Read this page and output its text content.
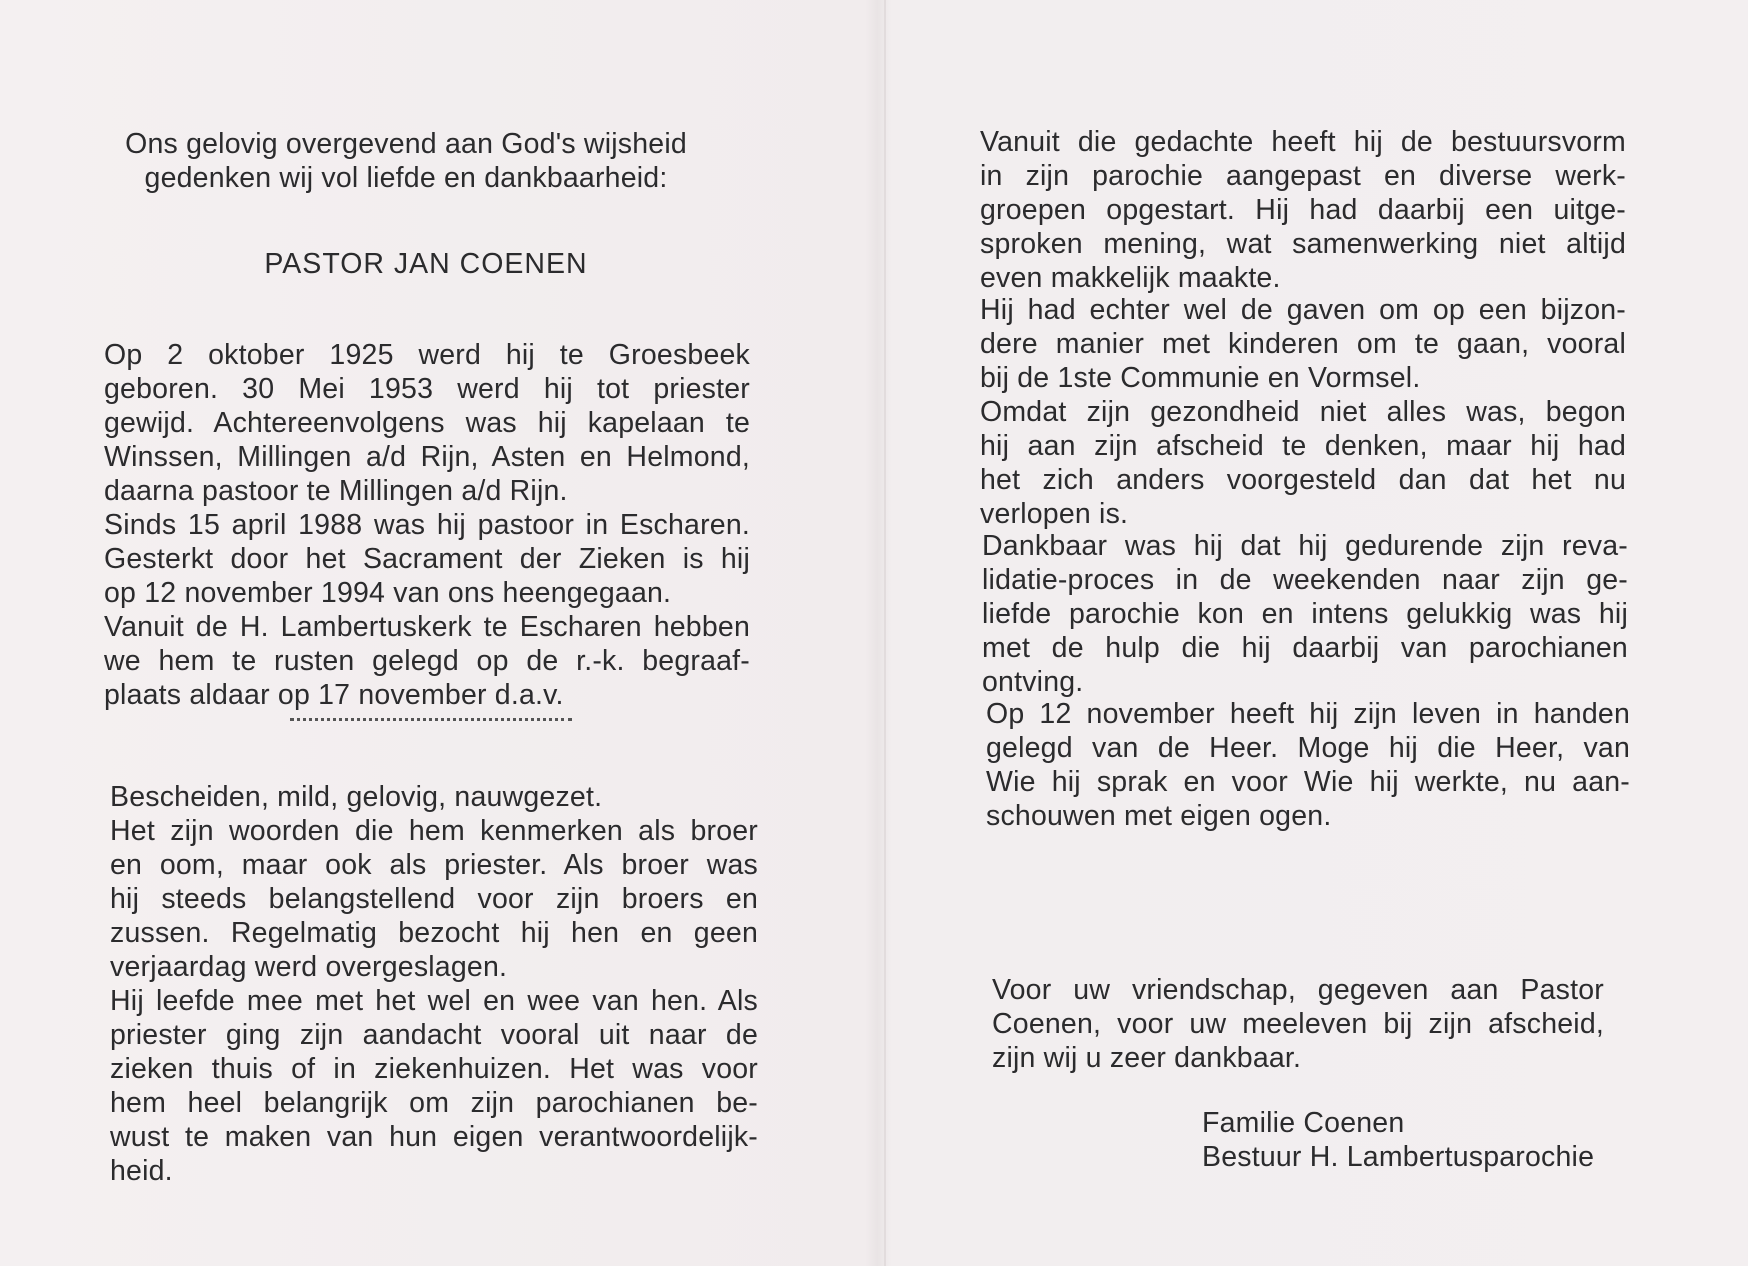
Ons gelovig overgevend aan God's wijsheid
gedenken wij vol liefde en dankbaarheid:
PASTOR JAN COENEN
Op 2 oktober 1925 werd hij te Groesbeek
geboren. 30 Mei 1953 werd hij tot priester
gewijd. Achtereenvolgens was hij kapelaan te
Winssen, Millingen a/d Rijn, Asten en Helmond,
daarna pastoor te Millingen a/d Rijn.
Sinds 15 april 1988 was hij pastoor in Escharen.
Gesterkt door het Sacrament der Zieken is hij
op 12 november 1994 van ons heengegaan.
Vanuit de H. Lambertuskerk te Escharen hebben
we hem te rusten gelegd op de r.-k. begraaf-
plaats aldaar op 17 november d.a.v.
Bescheiden, mild, gelovig, nauwgezet.
Het zijn woorden die hem kenmerken als broer
en oom, maar ook als priester. Als broer was
hij steeds belangstellend voor zijn broers en
zussen. Regelmatig bezocht hij hen en geen
verjaardag werd overgeslagen.
Hij leefde mee met het wel en wee van hen. Als
priester ging zijn aandacht vooral uit naar de
zieken thuis of in ziekenhuizen. Het was voor
hem heel belangrijk om zijn parochianen be-
wust te maken van hun eigen verantwoordelijk-
heid.
Vanuit die gedachte heeft hij de bestuursvorm
in zijn parochie aangepast en diverse werk-
groepen opgestart. Hij had daarbij een uitge-
sproken mening, wat samenwerking niet altijd
even makkelijk maakte.
Hij had echter wel de gaven om op een bijzon-
dere manier met kinderen om te gaan, vooral
bij de 1ste Communie en Vormsel.
Omdat zijn gezondheid niet alles was, begon
hij aan zijn afscheid te denken, maar hij had
het zich anders voorgesteld dan dat het nu
verlopen is.
Dankbaar was hij dat hij gedurende zijn reva-
lidatie-proces in de weekenden naar zijn ge-
liefde parochie kon en intens gelukkig was hij
met de hulp die hij daarbij van parochianen
ontving.
Op 12 november heeft hij zijn leven in handen
gelegd van de Heer. Moge hij die Heer, van
Wie hij sprak en voor Wie hij werkte, nu aan-
schouwen met eigen ogen.
Voor uw vriendschap, gegeven aan Pastor
Coenen, voor uw meeleven bij zijn afscheid,
zijn wij u zeer dankbaar.
Familie Coenen
Bestuur H. Lambertusparochie
